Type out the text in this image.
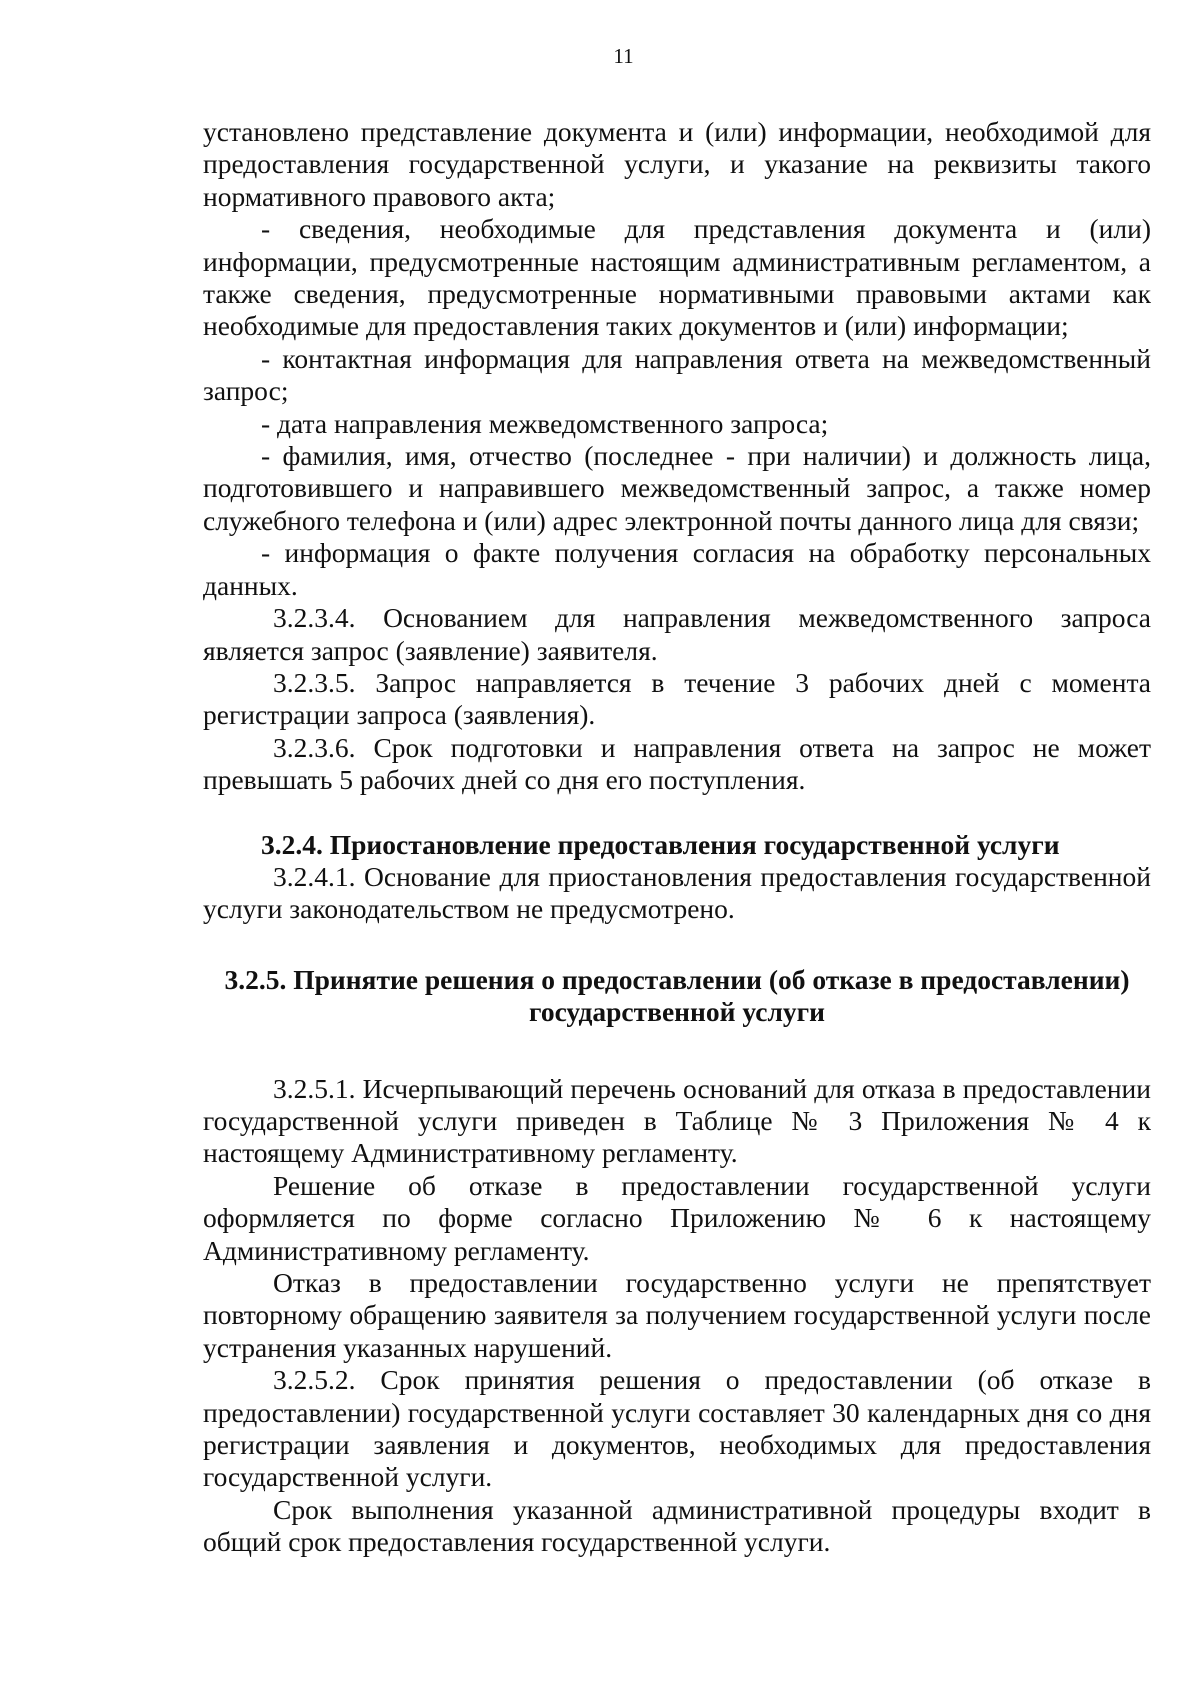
11

установлено представление документа и (или) информации, необходимой для предоставления государственной услуги, и указание на реквизиты такого нормативного правового акта;

- сведения, необходимые для представления документа и (или) информации, предусмотренные настоящим административным регламентом, а также сведения, предусмотренные нормативными правовыми актами как необходимые для предоставления таких документов и (или) информации;

- контактная информация для направления ответа на межведомственный запрос;

- дата направления межведомственного запроса;

- фамилия, имя, отчество (последнее - при наличии) и должность лица, подготовившего и направившего межведомственный запрос, а также номер служебного телефона и (или) адрес электронной почты данного лица для связи;

- информация о факте получения согласия на обработку персональных данных.

3.2.3.4. Основанием для направления межведомственного запроса является запрос (заявление) заявителя.

3.2.3.5. Запрос направляется в течение 3 рабочих дней с момента регистрации запроса (заявления).

3.2.3.6. Срок подготовки и направления ответа на запрос не может превышать 5 рабочих дней со дня его поступления.

3.2.4. Приостановление предоставления государственной услуги

3.2.4.1. Основание для приостановления предоставления государственной услуги законодательством не предусмотрено.

3.2.5. Принятие решения о предоставлении (об отказе в предоставлении) государственной услуги

3.2.5.1. Исчерпывающий перечень оснований для отказа в предоставлении государственной услуги приведен в Таблице № 3 Приложения № 4 к настоящему Административному регламенту.

Решение об отказе в предоставлении государственной услуги оформляется по форме согласно Приложению № 6 к настоящему Административному регламенту.

Отказ в предоставлении государственно услуги не препятствует повторному обращению заявителя за получением государственной услуги после устранения указанных нарушений.

3.2.5.2. Срок принятия решения о предоставлении (об отказе в предоставлении) государственной услуги составляет 30 календарных дня со дня регистрации заявления и документов, необходимых для предоставления государственной услуги.

Срок выполнения указанной административной процедуры входит в общий срок предоставления государственной услуги.
